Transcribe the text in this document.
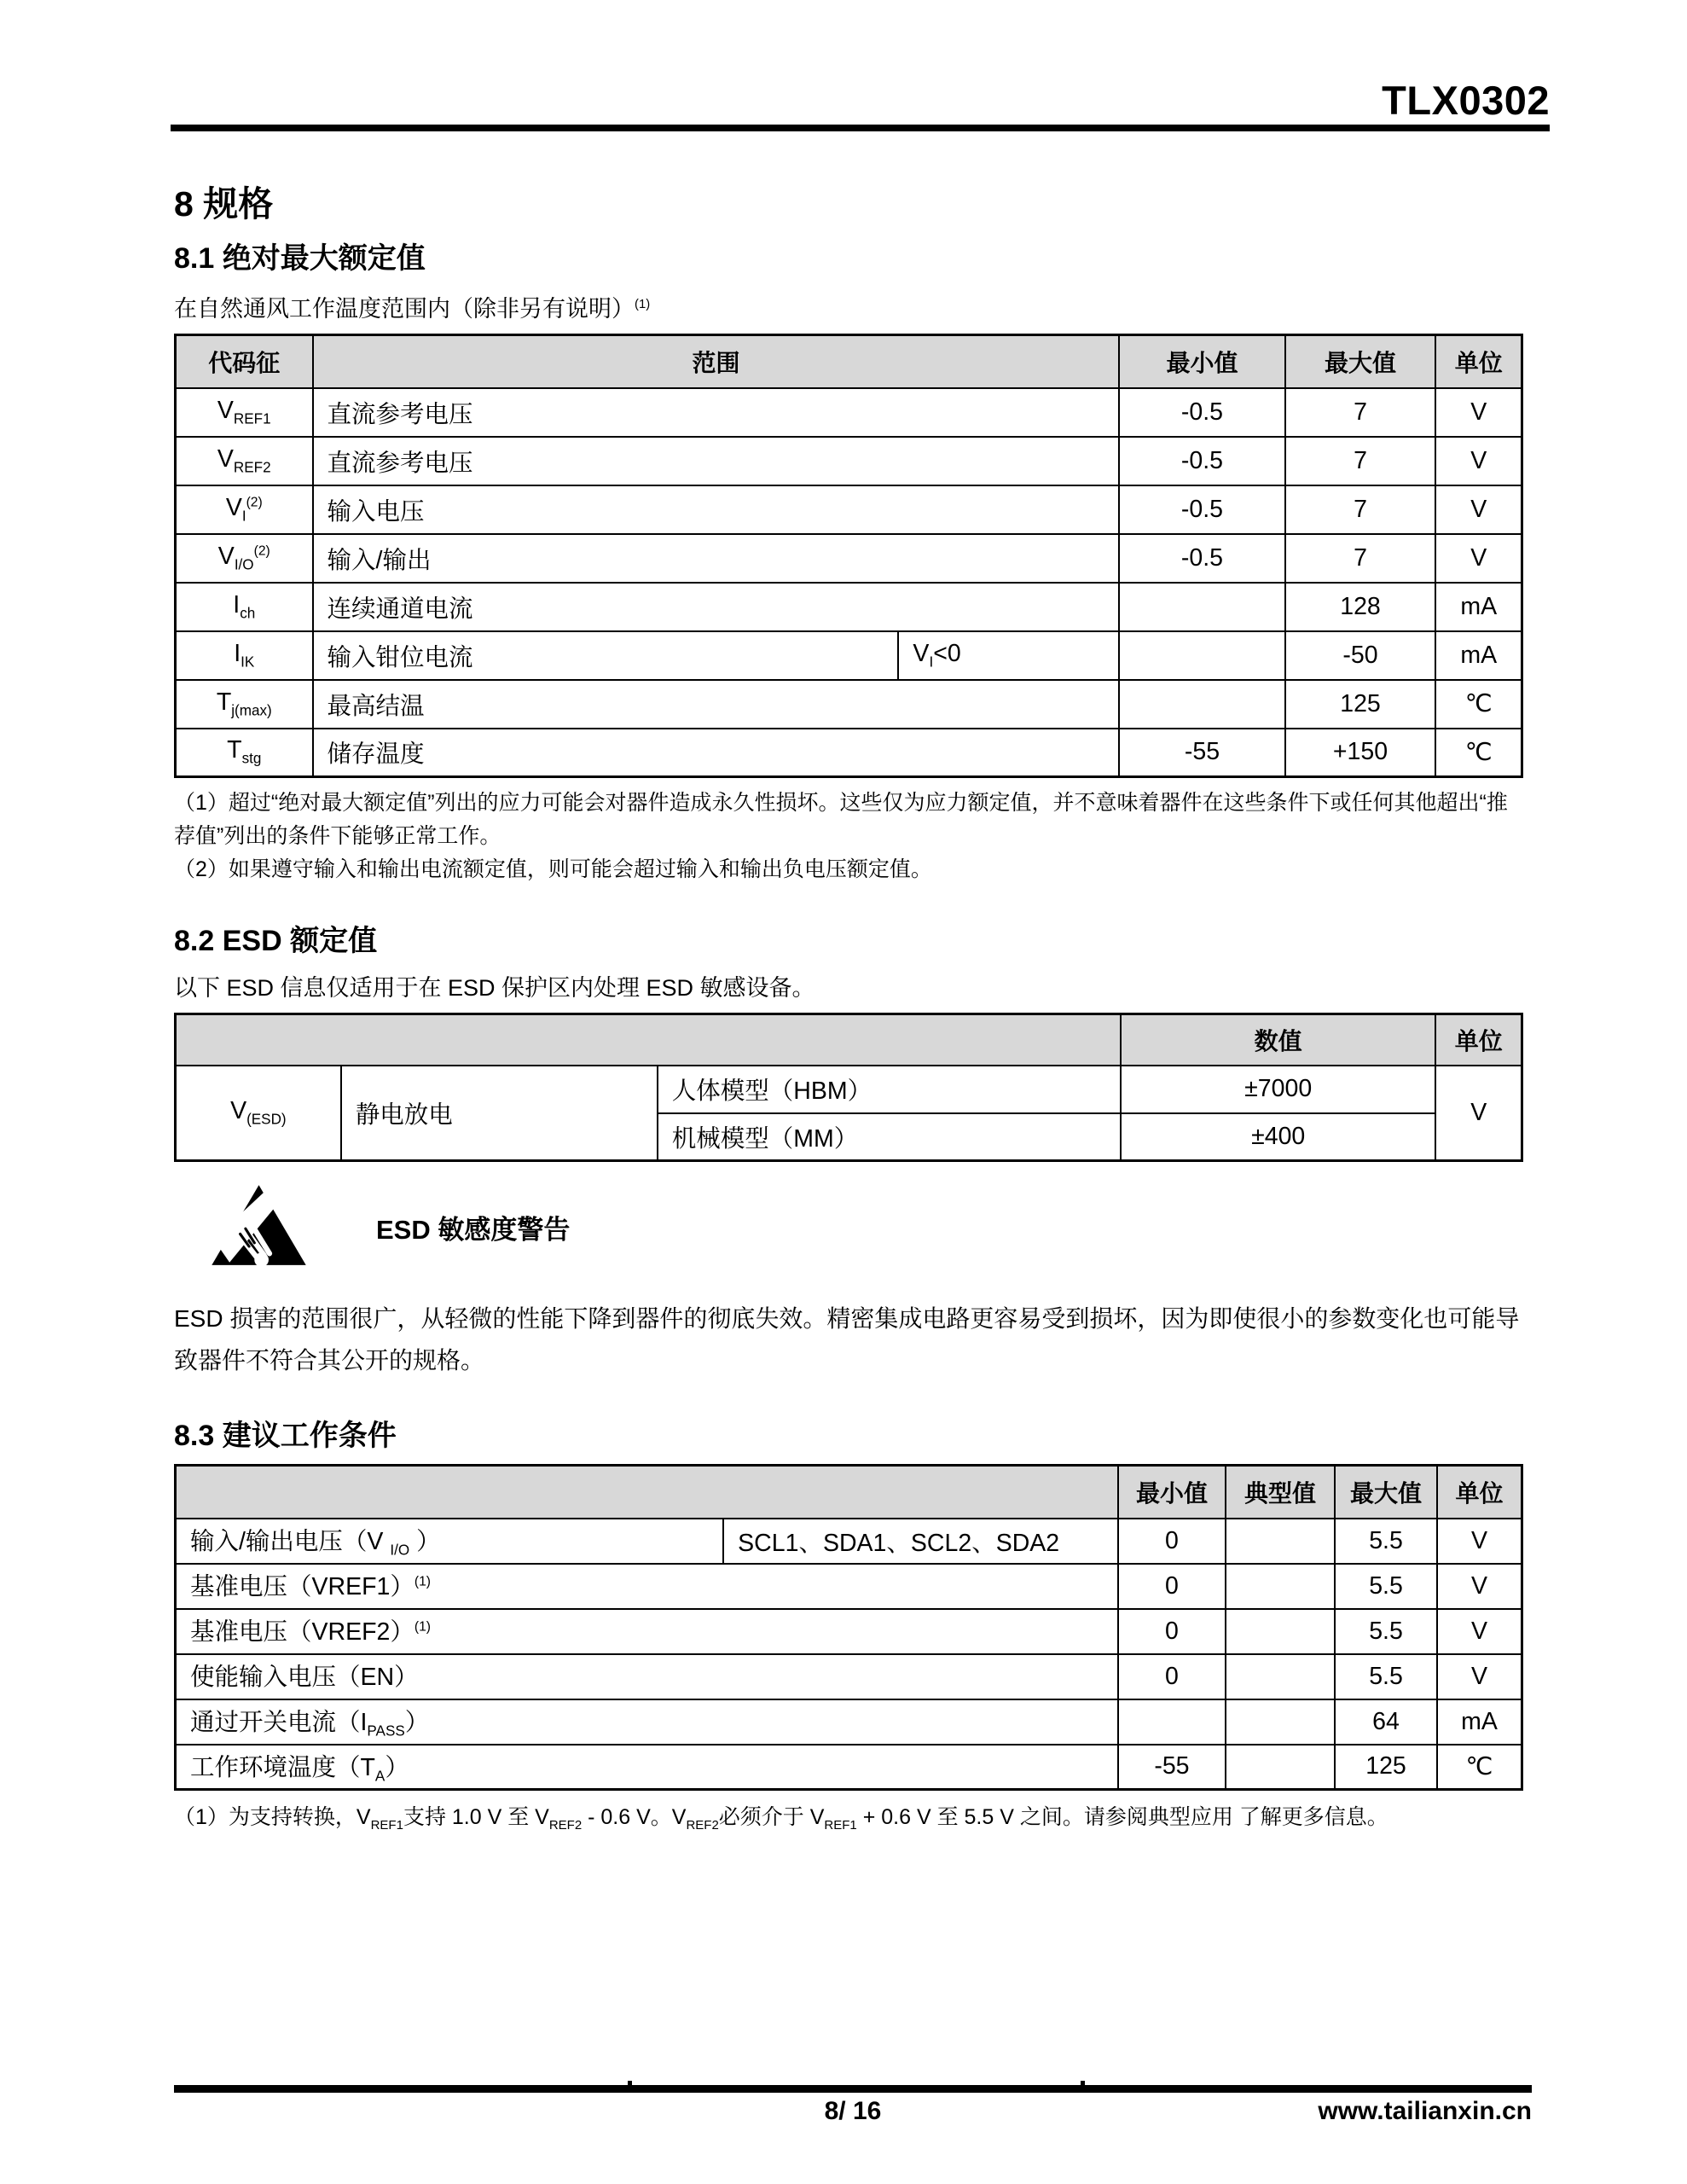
TLX0302
8 规格
8.1 绝对最大额定值

在自然通风工作温度范围内（除非另有说明）$^{(1)}$

代码征	范围		最小值	最大值	单位
$V_{REF1}$	直流参考电压		-0.5	7	V
$V_{REF2}$	直流参考电压		-0.5	7	V
$V_I^{(2)}$	输入电压		-0.5	7	V
$V_{I/O}^{(2)}$	输入/输出		-0.5	7	V
$I_{ch}$	连续通道电流			128	mA
$I_{IK}$	输入钳位电流	$V_I<0$		-50	mA
$T_{j(max)}$	最高结温			125	℃
$T_{stg}$	储存温度		-55	+150	℃

（1）超过“绝对最大额定值”列出的应力可能会对器件造成永久性损坏。这些仅为应力额定值，并不意味着器件在这些条件下或任何其他超出“推荐值”列出的条件下能够正常工作。

（2）如果遵守输入和输出电流额定值，则可能会超过输入和输出负电压额定值。

8.2 ESD 额定值

以下 ESD 信息仅适用于在 ESD 保护区内处理 ESD 敏感设备。

			数值	单位
$V_{(ESD)}$	静电放电	人体模型（HBM）	±7000	V
		机械模型（MM）	±400	
ESD 敏感度警告

ESD 损害的范围很广，从轻微的性能下降到器件的彻底失效。精密集成电路更容易受到损坏，因为即使很小的参数变化也可能导致器件不符合其公开的规格。

8.3 建议工作条件
		最小值	典型值	最大值	单位
输入/输出电压（V $_{I/O}$ ）	SCL1、SDA1、SCL2、SDA2	0		5.5	V
基准电压（VREF1）$^{(1)}$		0		5.5	V
基准电压（VREF2）$^{(1)}$		0		5.5	V
使能输入电压（EN）		0		5.5	V
通过开关电流$(I_{PASS})$				64	mA
工作环境温度$(T_A)$		-55		125	℃

（1）为支持转换，$V_{REF1}$支持 1.0 V 至 $V_{REF2} - 0.6$ V。$V_{REF2}$必须介于 $V_{REF1} + 0.6$ V 至 5.5 V 之间。请参阅典型应用 了解更多信息。

8/ 16	www.tailianxin.cn
